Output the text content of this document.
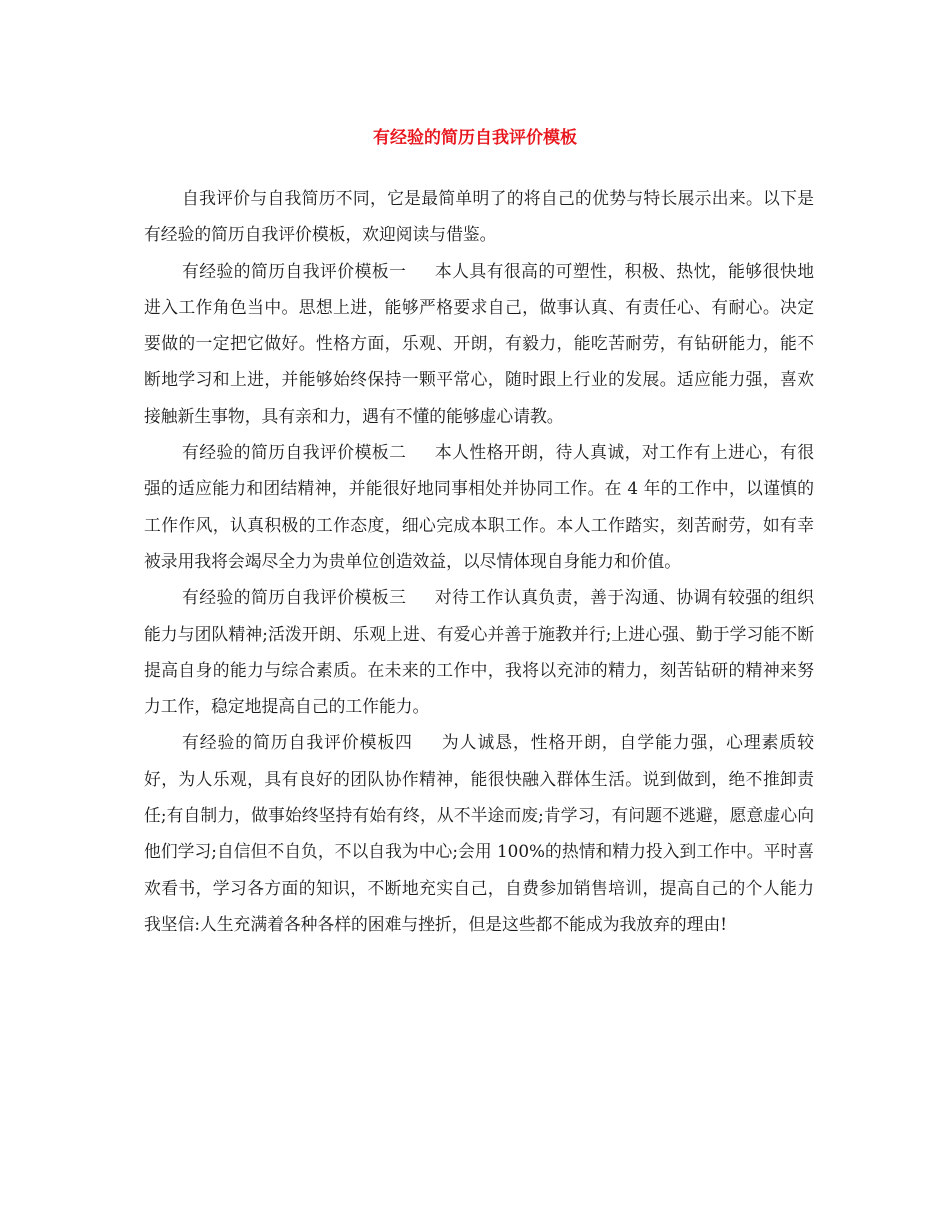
有经验的简历自我评价模板

自我评价与自我简历不同，它是最简单明了的将自己的优势与特长展示出来。以下是有经验的简历自我评价模板，欢迎阅读与借鉴。

有经验的简历自我评价模板一 本人具有很高的可塑性，积极、热忱，能够很快地进入工作角色当中。思想上进，能够严格要求自己，做事认真、有责任心、有耐心。决定要做的一定把它做好。性格方面，乐观、开朗，有毅力，能吃苦耐劳，有钻研能力，能不断地学习和上进，并能够始终保持一颗平常心，随时跟上行业的发展。适应能力强，喜欢接触新生事物，具有亲和力，遇有不懂的能够虚心请教。

有经验的简历自我评价模板二 本人性格开朗，待人真诚，对工作有上进心，有很强的适应能力和团结精神，并能很好地同事相处并协同工作。在 4 年的工作中，以谨慎的工作作风，认真积极的工作态度，细心完成本职工作。本人工作踏实，刻苦耐劳，如有幸被录用我将会竭尽全力为贵单位创造效益，以尽情体现自身能力和价值。

有经验的简历自我评价模板三 对待工作认真负责，善于沟通、协调有较强的组织能力与团队精神;活泼开朗、乐观上进、有爱心并善于施教并行;上进心强、勤于学习能不断提高自身的能力与综合素质。在未来的工作中，我将以充沛的精力，刻苦钻研的精神来努力工作，稳定地提高自己的工作能力。

有经验的简历自我评价模板四 为人诚恳，性格开朗，自学能力强，心理素质较好，为人乐观，具有良好的团队协作精神，能很快融入群体生活。说到做到，绝不推卸责任;有自制力，做事始终坚持有始有终，从不半途而废;肯学习，有问题不逃避，愿意虚心向他们学习;自信但不自负，不以自我为中心;会用 100%的热情和精力投入到工作中。平时喜欢看书，学习各方面的知识，不断地充实自己，自费参加销售培训，提高自己的个人能力我坚信:人生充满着各种各样的困难与挫折，但是这些都不能成为我放弃的理由!
